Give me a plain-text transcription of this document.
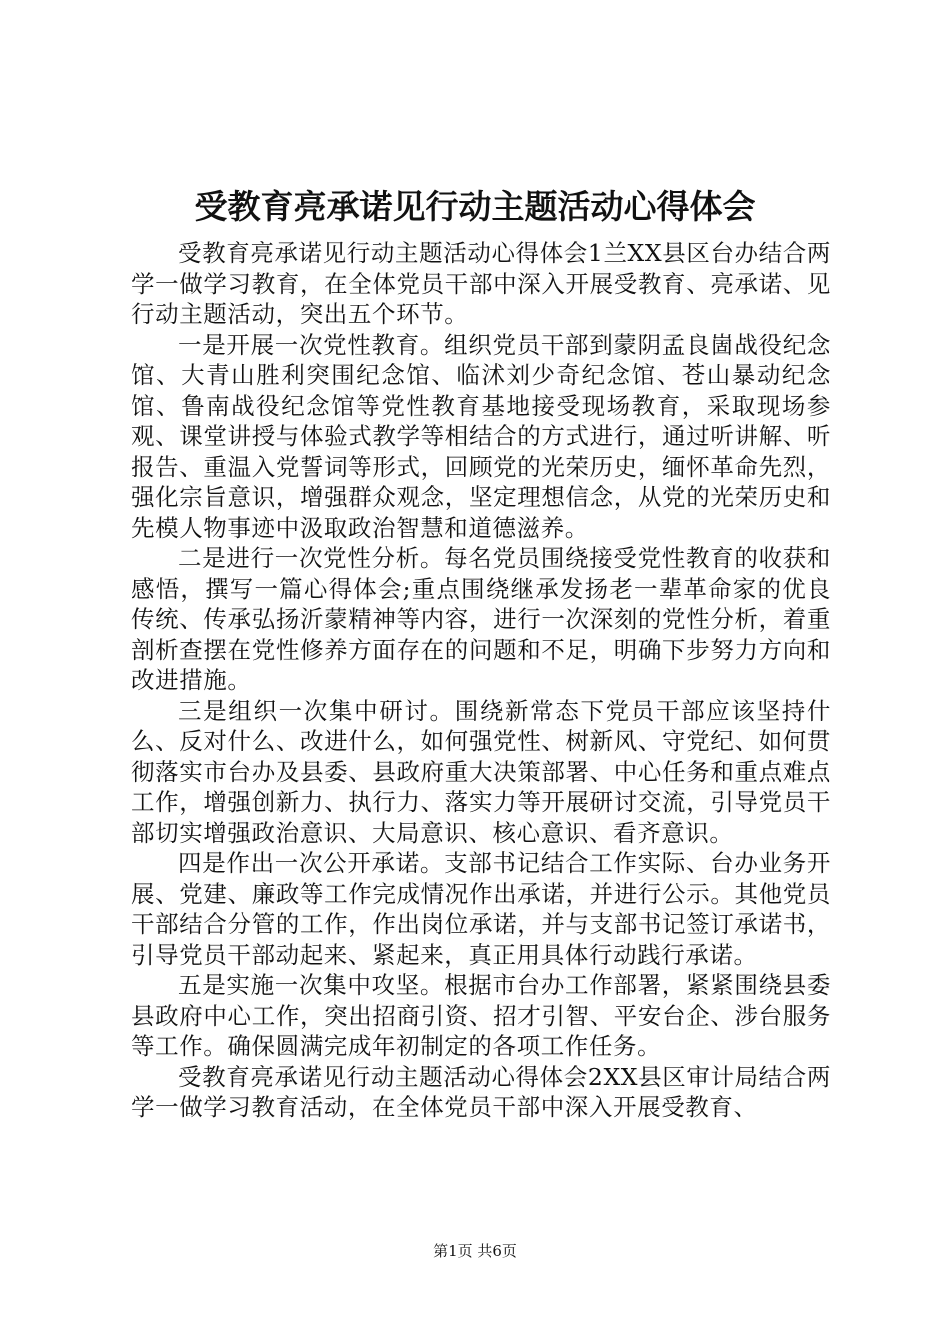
受教育亮承诺见行动主题活动心得体会

受教育亮承诺见行动主题活动心得体会1兰XX县区台办结合两学一做学习教育，在全体党员干部中深入开展受教育、亮承诺、见行动主题活动，突出五个环节。

一是开展一次党性教育。组织党员干部到蒙阴孟良崮战役纪念馆、大青山胜利突围纪念馆、临沭刘少奇纪念馆、苍山暴动纪念馆、鲁南战役纪念馆等党性教育基地接受现场教育，采取现场参观、课堂讲授与体验式教学等相结合的方式进行，通过听讲解、听报告、重温入党誓词等形式，回顾党的光荣历史，缅怀革命先烈，强化宗旨意识，增强群众观念，坚定理想信念，从党的光荣历史和先模人物事迹中汲取政治智慧和道德滋养。

二是进行一次党性分析。每名党员围绕接受党性教育的收获和感悟，撰写一篇心得体会;重点围绕继承发扬老一辈革命家的优良传统、传承弘扬沂蒙精神等内容，进行一次深刻的党性分析，着重剖析查摆在党性修养方面存在的问题和不足，明确下步努力方向和改进措施。

三是组织一次集中研讨。围绕新常态下党员干部应该坚持什么、反对什么、改进什么，如何强党性、树新风、守党纪、如何贯彻落实市台办及县委、县政府重大决策部署、中心任务和重点难点工作，增强创新力、执行力、落实力等开展研讨交流，引导党员干部切实增强政治意识、大局意识、核心意识、看齐意识。

四是作出一次公开承诺。支部书记结合工作实际、台办业务开展、党建、廉政等工作完成情况作出承诺，并进行公示。其他党员干部结合分管的工作，作出岗位承诺，并与支部书记签订承诺书，引导党员干部动起来、紧起来，真正用具体行动践行承诺。

五是实施一次集中攻坚。根据市台办工作部署，紧紧围绕县委县政府中心工作，突出招商引资、招才引智、平安台企、涉台服务等工作。确保圆满完成年初制定的各项工作任务。

受教育亮承诺见行动主题活动心得体会2XX县区审计局结合两学一做学习教育活动，在全体党员干部中深入开展受教育、

第1页 共6页
